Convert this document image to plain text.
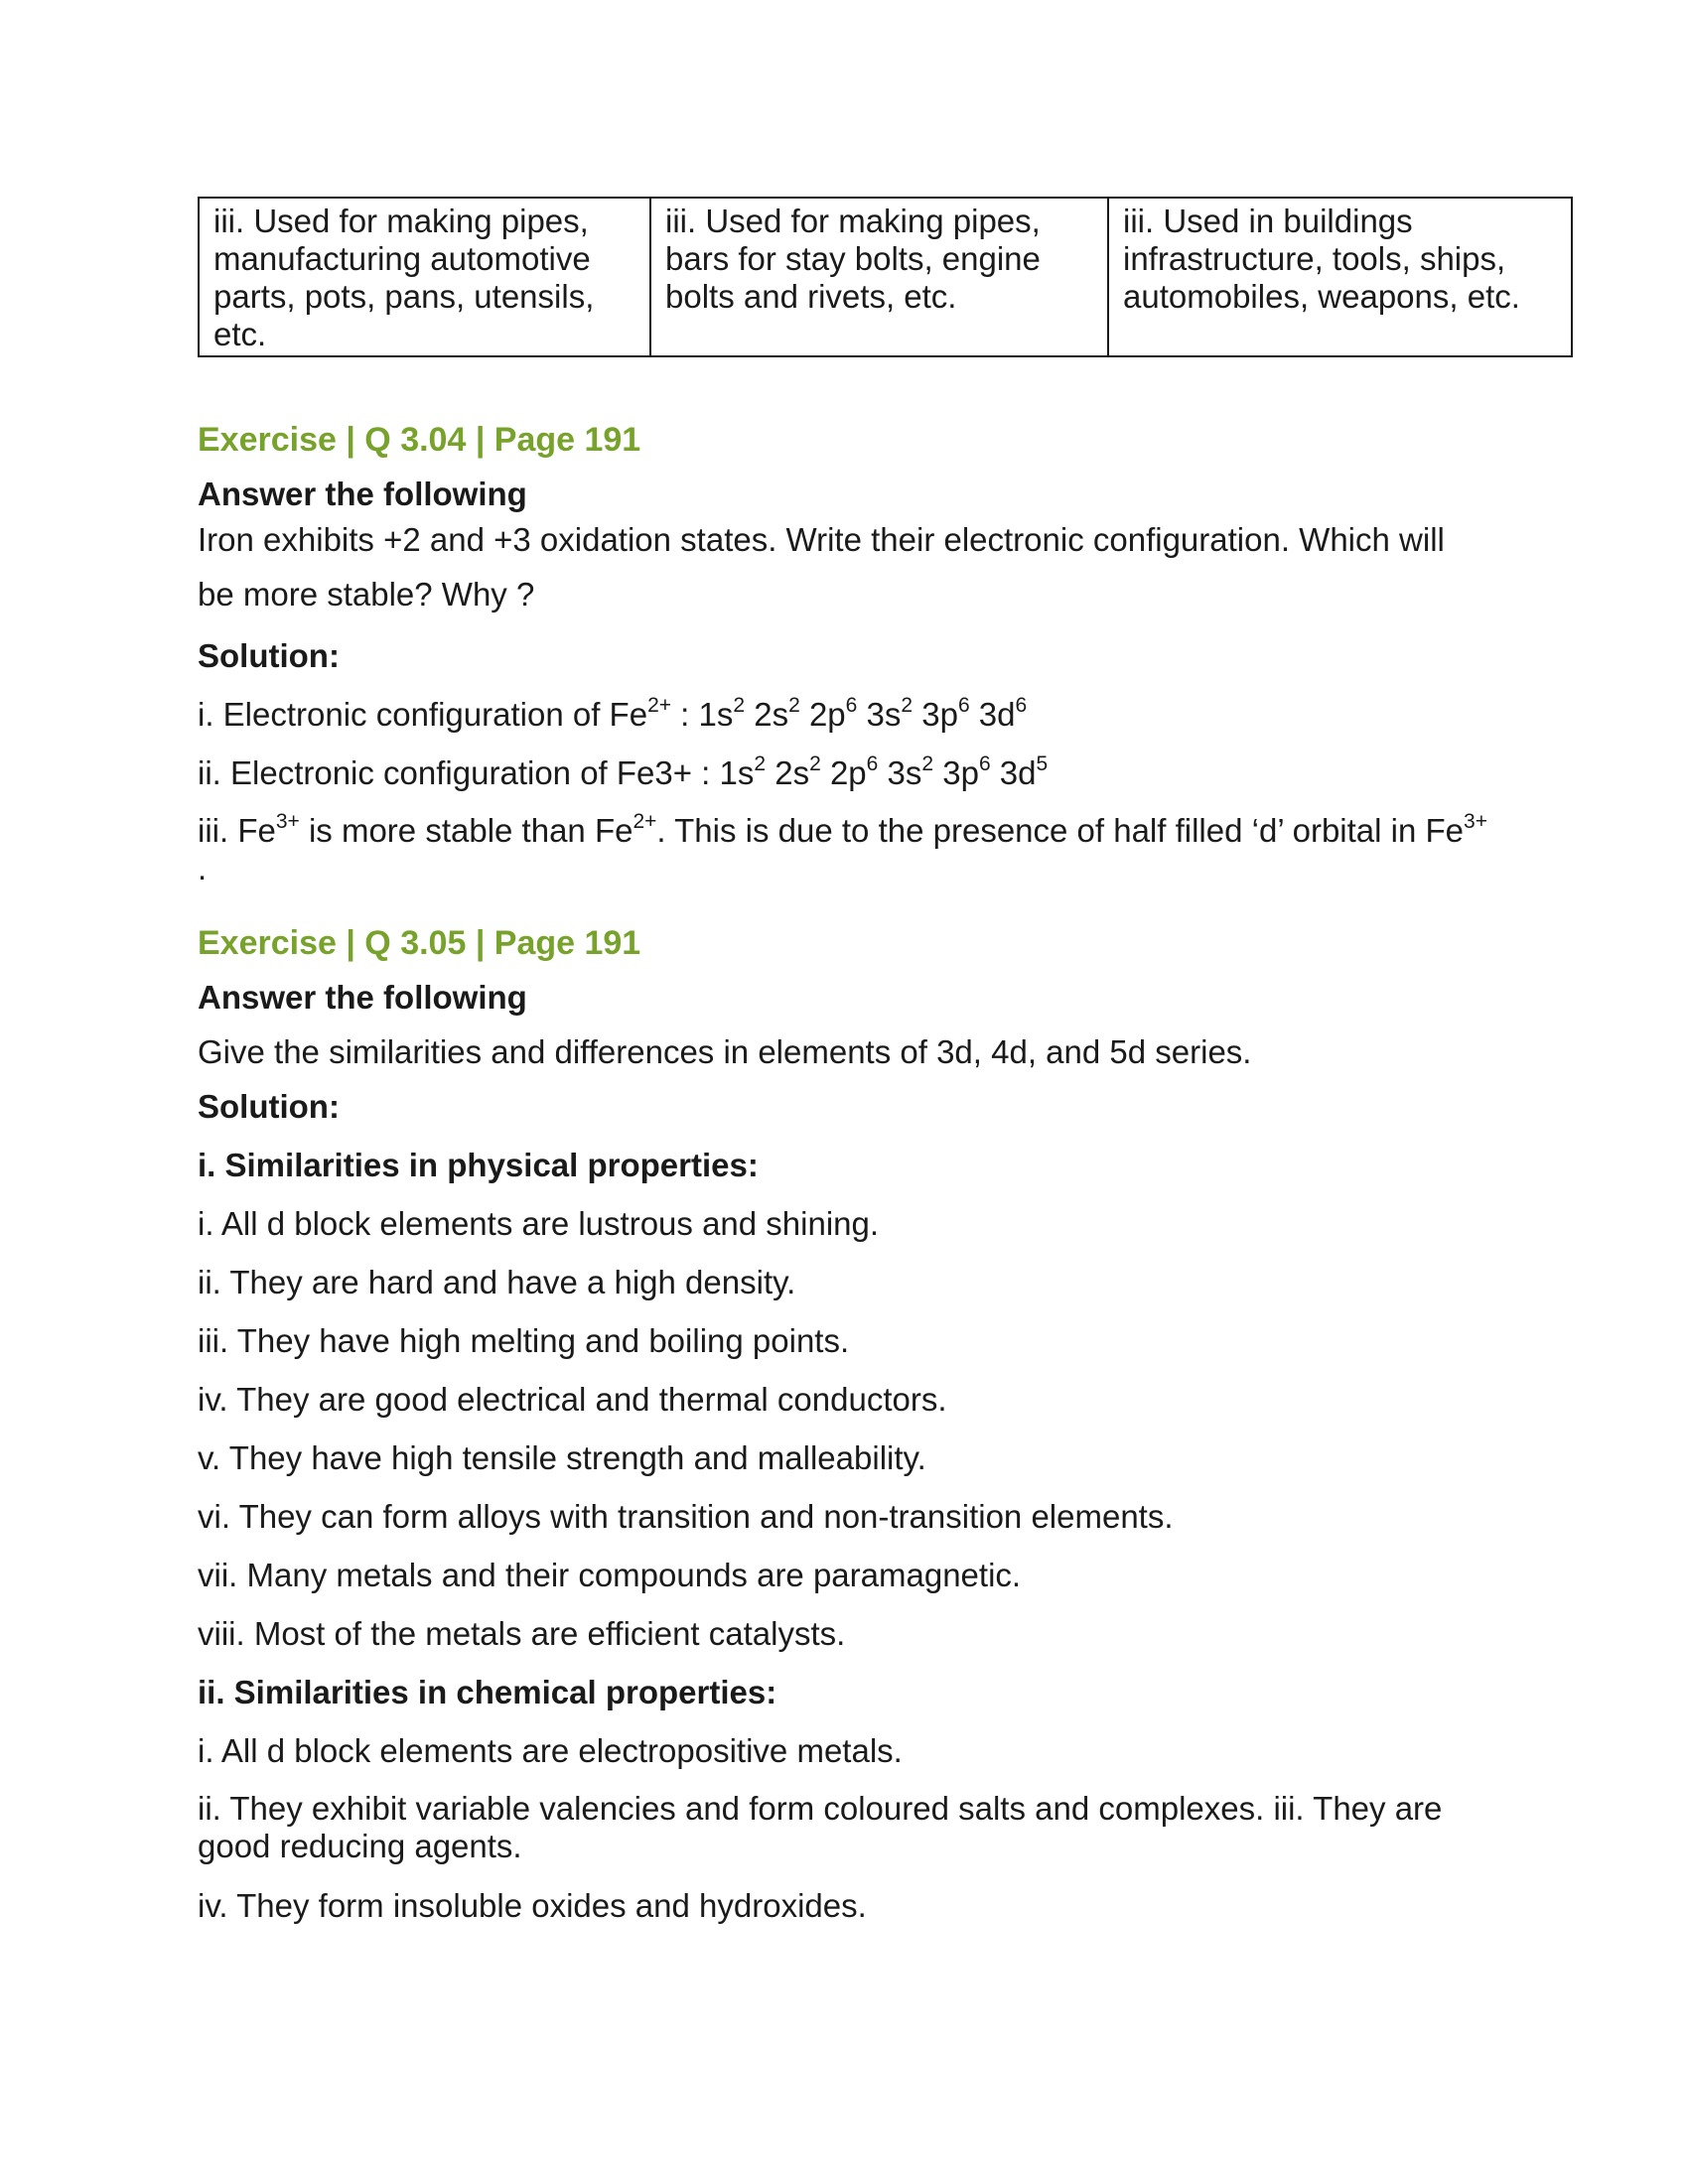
iii. Used for making pipes, manufacturing automotive parts, pots, pans, utensils, etc.	iii. Used for making pipes, bars for stay bolts, engine bolts and rivets, etc.	iii. Used in buildings infrastructure, tools, ships, automobiles, weapons, etc.
Exercise | Q 3.04 | Page 191
Answer the following
Iron exhibits +2 and +3 oxidation states. Write their electronic configuration. Which will be more stable? Why ?
Solution:
i. Electronic configuration of $Fe^{2+}$ : $1s^2$ $2s^2$ $2p^6$ $3s^2$ $3p^6$ $3d^6$
ii. Electronic configuration of Fe3+ : $1s^2$ $2s^2$ $2p^6$ $3s^2$ $3p^6$ $3d^5$
iii. $Fe^{3+}$ is more stable than $Fe^{2+}$. This is due to the presence of half filled ‘d’ orbital in $Fe^{3+}$ .
Exercise | Q 3.05 | Page 191
Answer the following
Give the similarities and differences in elements of 3d, 4d, and 5d series.
Solution:
i. Similarities in physical properties:
i. All d block elements are lustrous and shining.
ii. They are hard and have a high density.
iii. They have high melting and boiling points.
iv. They are good electrical and thermal conductors.
v. They have high tensile strength and malleability.
vi. They can form alloys with transition and non-transition elements.
vii. Many metals and their compounds are paramagnetic.
viii. Most of the metals are efficient catalysts.
ii. Similarities in chemical properties:
i. All d block elements are electropositive metals.
ii. They exhibit variable valencies and form coloured salts and complexes. iii. They are good reducing agents.
iv. They form insoluble oxides and hydroxides.
